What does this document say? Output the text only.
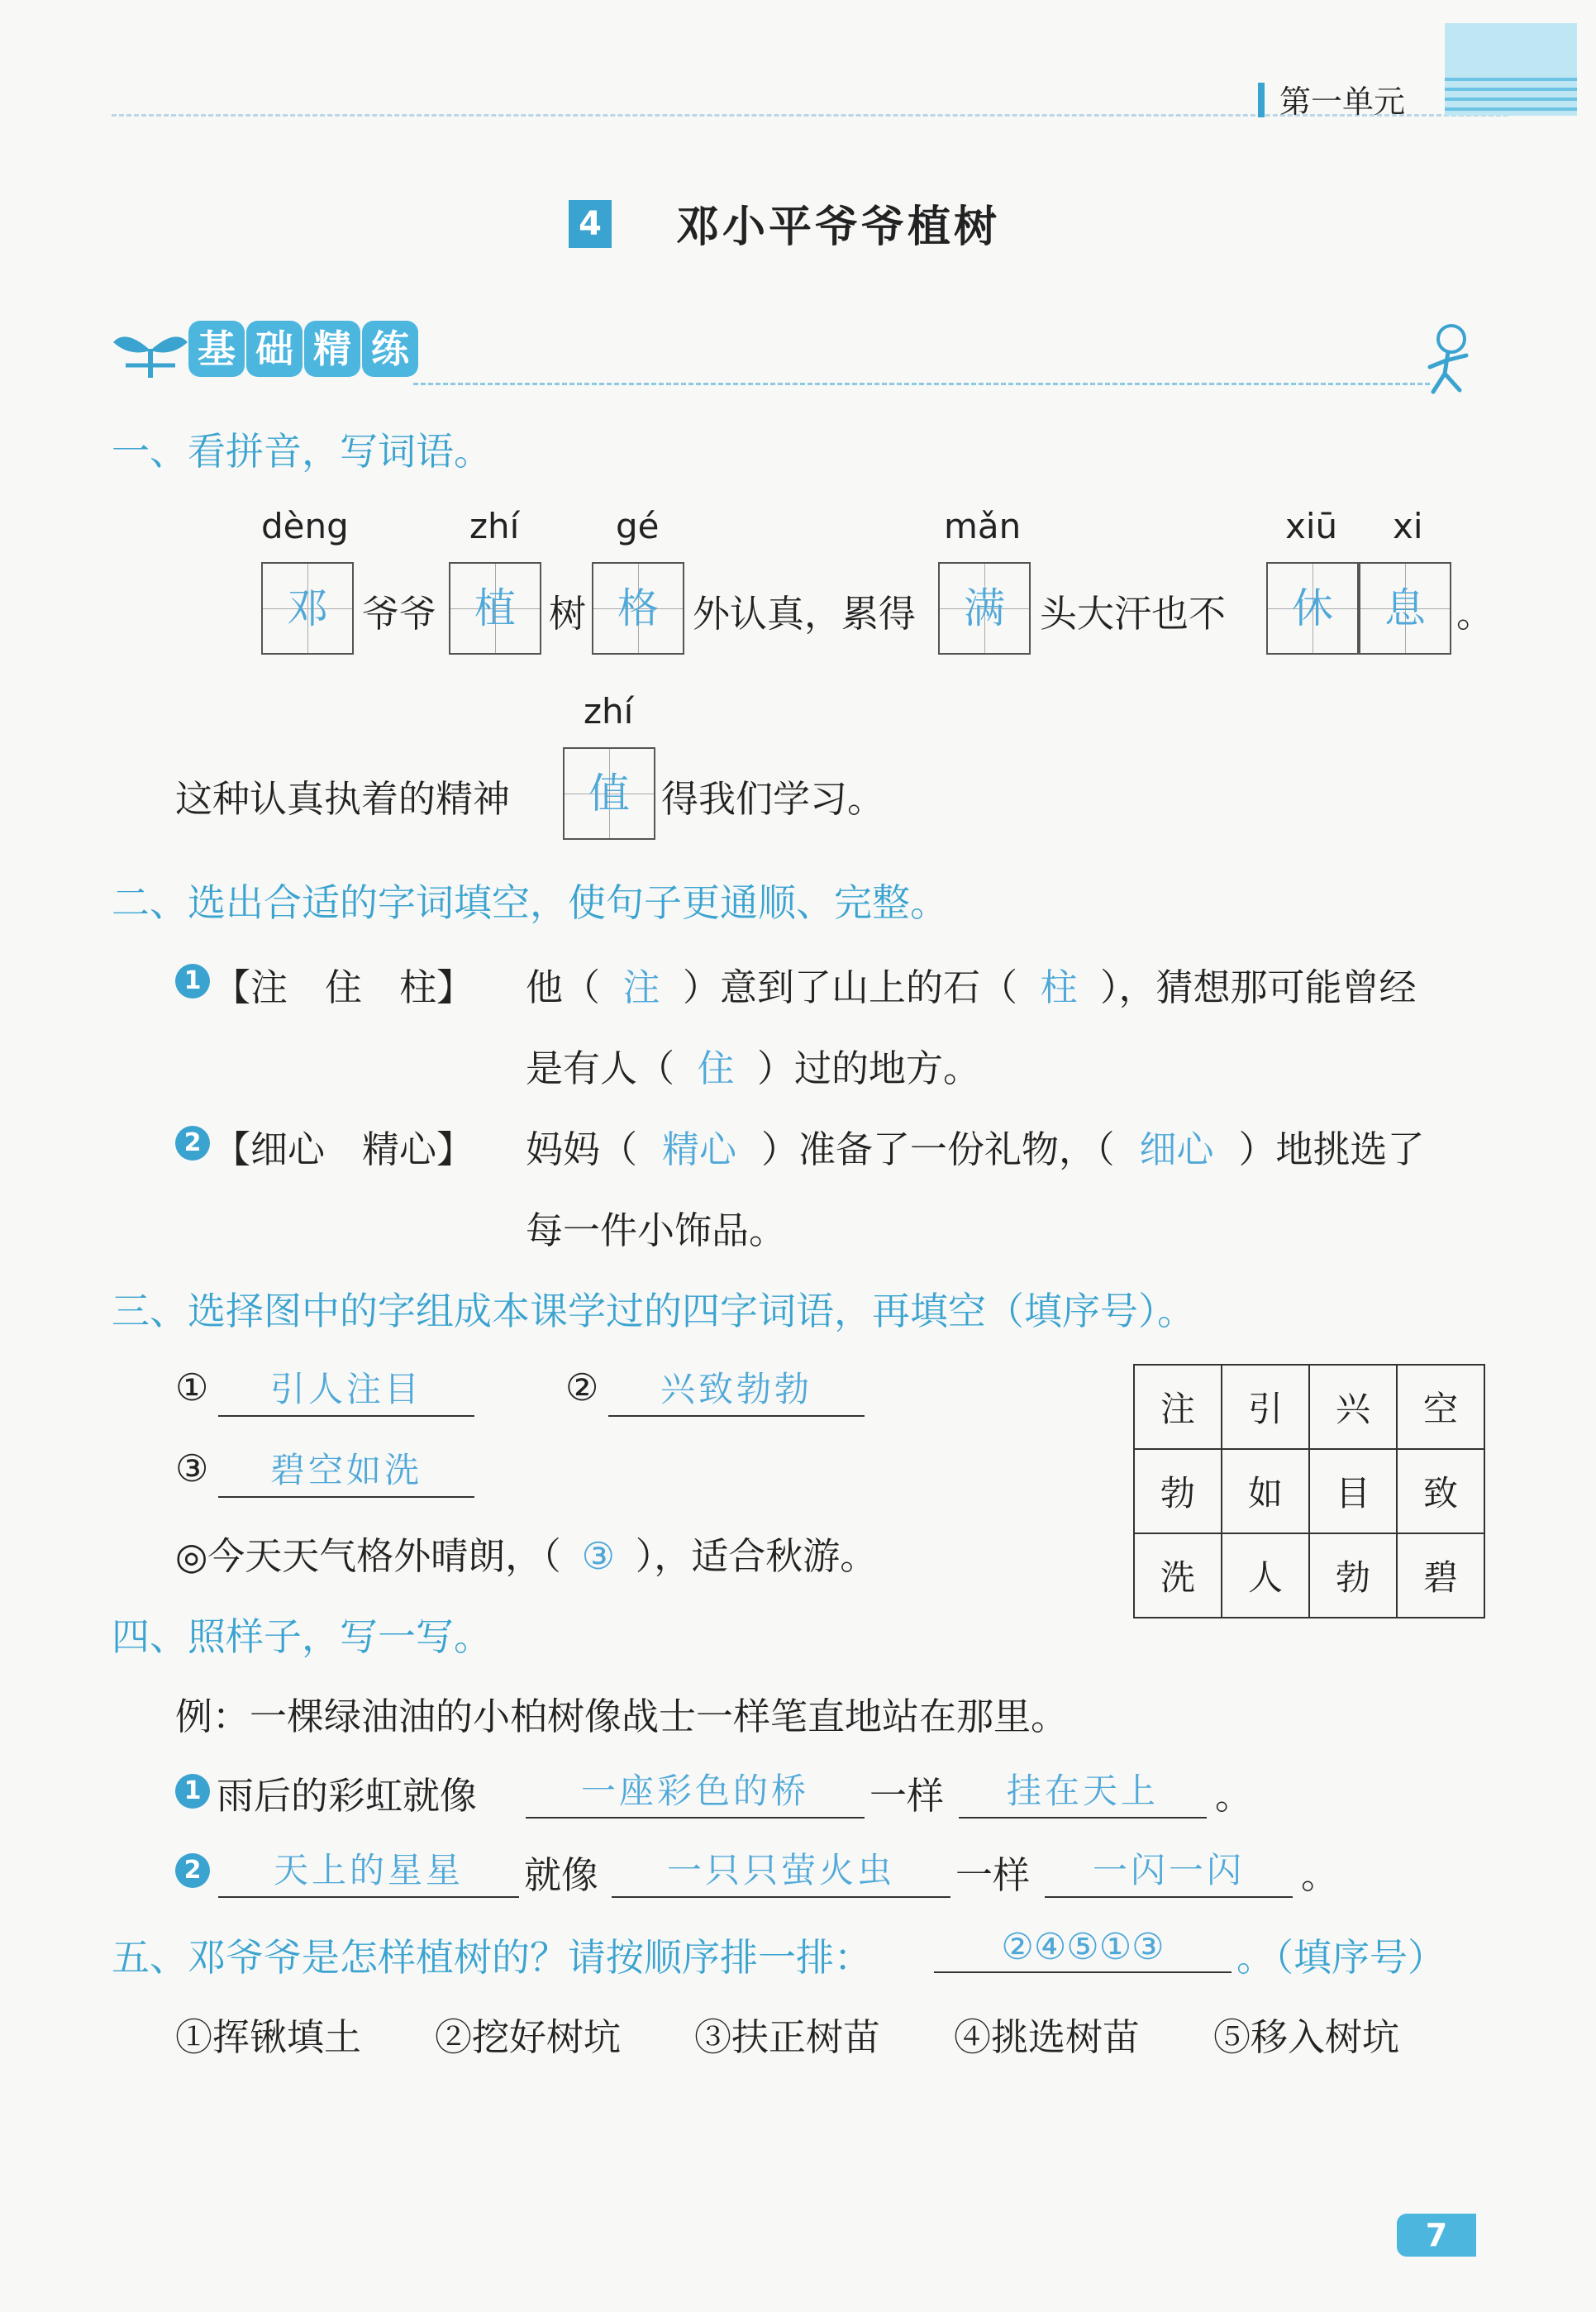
第一单元
4 邓小平爷爷植树
基 础 精 练
一、看拼音，写词语。
dèng	zhí	gé	mǎn	xiū xi
邓 爷爷 植 树 格 外认真，累得	满 头大汗也不	休	息 。
zhí
这种认真执着的精神	值 得我们学习。
二、选出合适的字词填空，使句子更通顺、完整。
1 【注　住　柱】 他（ 注 ）意到了山上的石（ 柱 ），猜想那可能曾经
是有人（ 住 ）过的地方。
2 【细心　精心】 妈妈（ 精心 ）准备了一份礼物，（ 细心 ）地挑选了
每一件小饰品。
三、选择图中的字组成本课学过的四字词语，再填空（填序号）。
①	引人注目	②	兴致勃勃
③	碧空如洗
◎今天天气格外晴朗，（ ③ ），适合秋游。
注	引	兴	空
勃	如	目	致
洗	人	勃	碧
四、照样子，写一写。
例：一棵绿油油的小柏树像战士一样笔直地站在那里。
1 雨后的彩虹就像	一座彩色的桥	一样	挂在天上	。
2	天上的星星	就像	一只只萤火虫	一样	一闪一闪	。
五、邓爷爷是怎样植树的？请按顺序排一排：	②④⑤①③	。（填序号）
①挥锹填土 ②挖好树坑 ③扶正树苗 ④挑选树苗 ⑤移入树坑
7
